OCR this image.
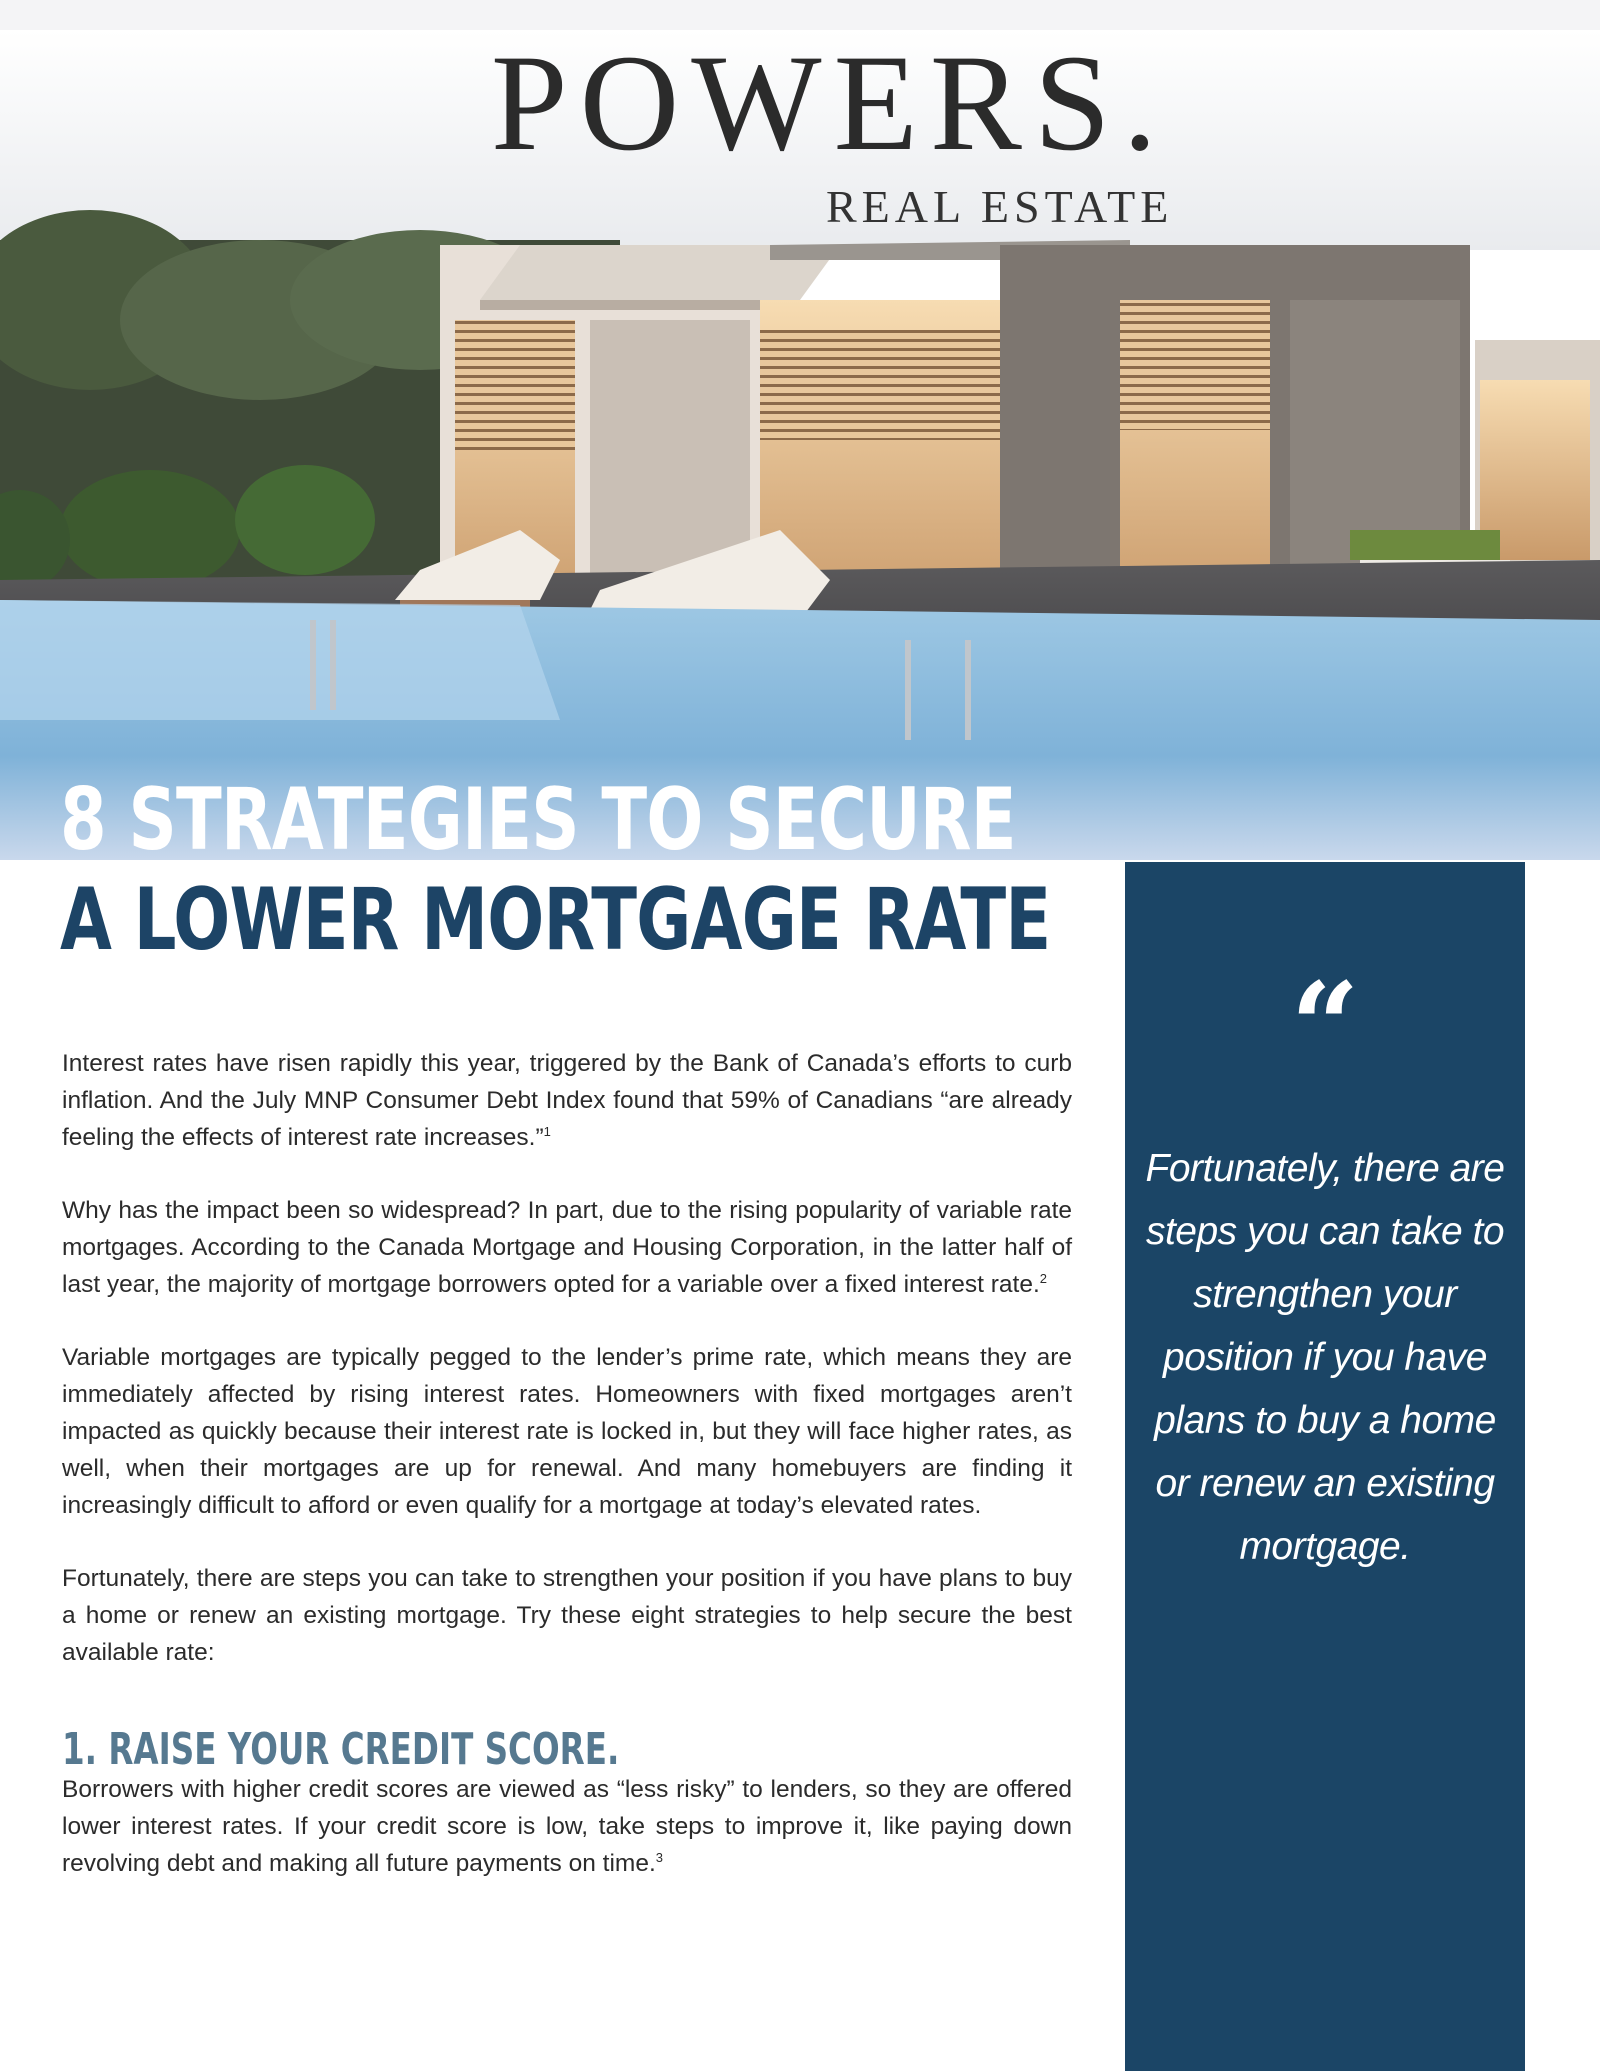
POWERS.
REAL ESTATE
8 STRATEGIES TO SECURE
A LOWER MORTGAGE RATE

Interest rates have risen rapidly this year, triggered by the Bank of Canada’s efforts to curb inflation. And the July MNP Consumer Debt Index found that 59% of Canadians “are already feeling the effects of interest rate increases.”$^1$

Why has the impact been so widespread? In part, due to the rising popularity of variable rate mortgages. According to the Canada Mortgage and Housing Corporation, in the latter half of last year, the majority of mortgage borrowers opted for a variable over a fixed interest rate.$^2$

Variable mortgages are typically pegged to the lender’s prime rate, which means they are immediately affected by rising interest rates. Homeowners with fixed mortgages aren’t impacted as quickly because their interest rate is locked in, but they will face higher rates, as well, when their mortgages are up for renewal. And many homebuyers are finding it increasingly difficult to afford or even qualify for a mortgage at today’s elevated rates.

Fortunately, there are steps you can take to strengthen your position if you have plans to buy a home or renew an existing mortgage. Try these eight strategies to help secure the best available rate:

1. RAISE YOUR CREDIT SCORE.

Borrowers with higher credit scores are viewed as “less risky” to lenders, so they are offered lower interest rates. If your credit score is low, take steps to improve it, like paying down revolving debt and making all future payments on time.$^3$

“
Fortunately, there are steps you can take to strengthen your position if you have plans to buy a home or renew an existing mortgage.
